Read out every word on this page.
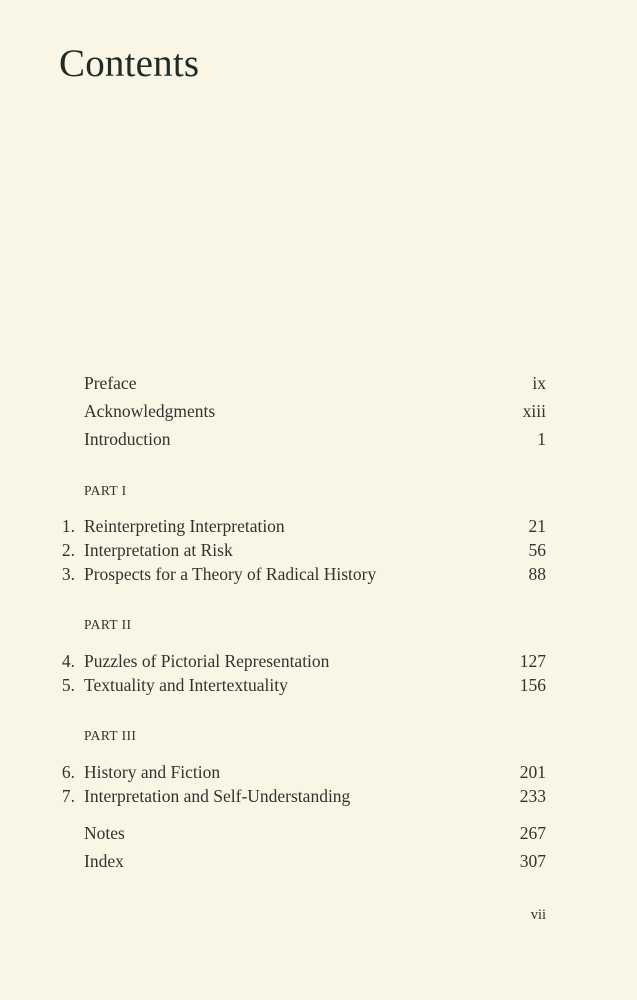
Contents
Preface	ix
Acknowledgments	xiii
Introduction	1
PART I
1. Reinterpreting Interpretation	21
2. Interpretation at Risk	56
3. Prospects for a Theory of Radical History	88
PART II
4. Puzzles of Pictorial Representation	127
5. Textuality and Intertextuality	156
PART III
6. History and Fiction	201
7. Interpretation and Self-Understanding	233
Notes	267
Index	307
vii
